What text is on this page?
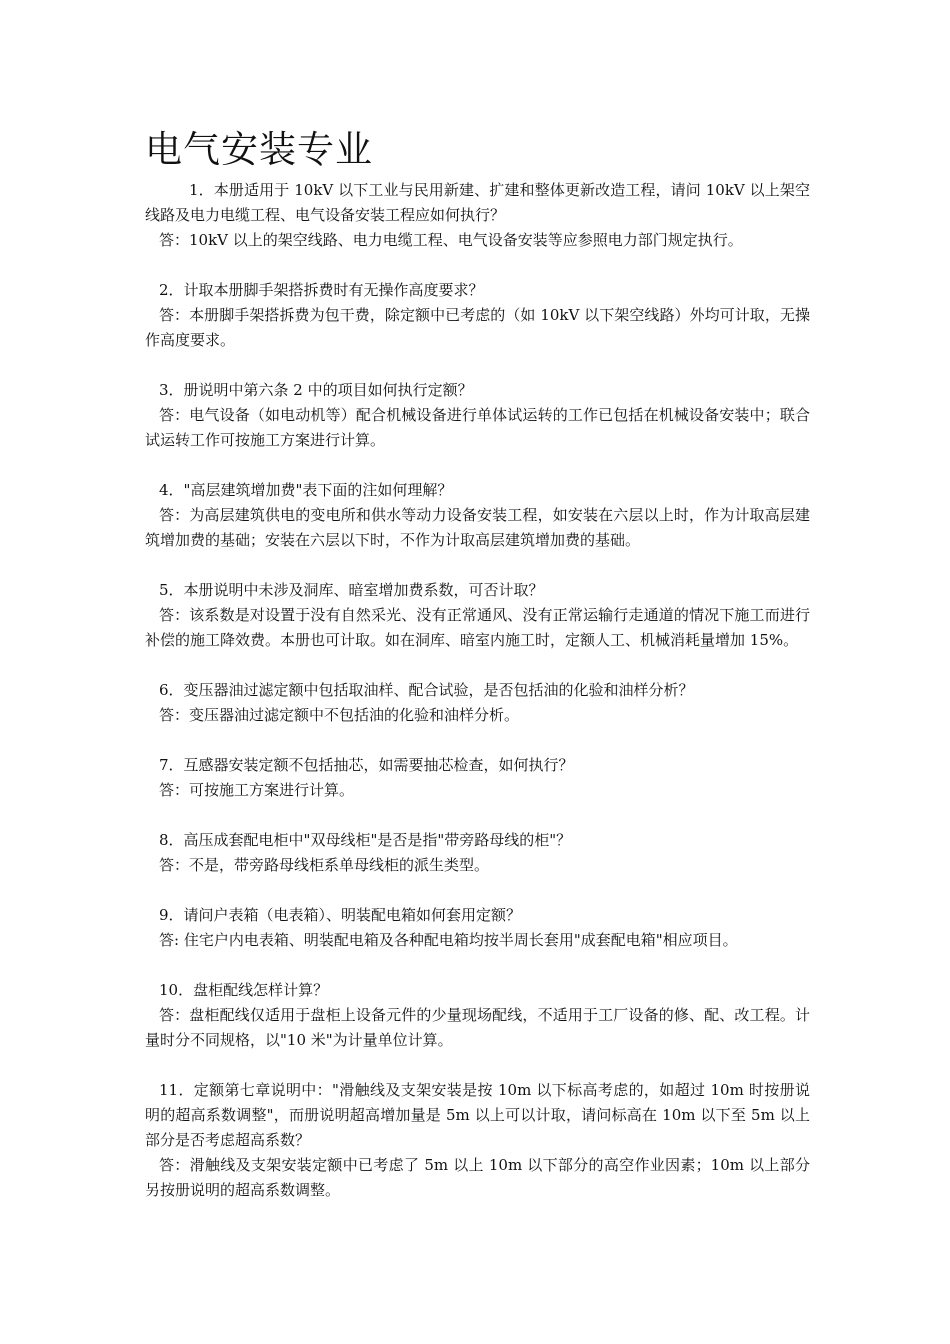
电气安装专业

1．本册适用于 10kV 以下工业与民用新建、扩建和整体更新改造工程，请问 10kV 以上架空线路及电力电缆工程、电气设备安装工程应如何执行？

答：10kV 以上的架空线路、电力电缆工程、电气设备安装等应参照电力部门规定执行。

2．计取本册脚手架搭拆费时有无操作高度要求？

答：本册脚手架搭拆费为包干费，除定额中已考虑的（如 10kV 以下架空线路）外均可计取，无操作高度要求。

3．册说明中第六条 2 中的项目如何执行定额？

答：电气设备（如电动机等）配合机械设备进行单体试运转的工作已包括在机械设备安装中；联合试运转工作可按施工方案进行计算。

4．"高层建筑增加费"表下面的注如何理解？

答：为高层建筑供电的变电所和供水等动力设备安装工程，如安装在六层以上时，作为计取高层建筑增加费的基础；安装在六层以下时，不作为计取高层建筑增加费的基础。

5．本册说明中未涉及洞库、暗室增加费系数，可否计取？

答：该系数是对设置于没有自然采光、没有正常通风、没有正常运输行走通道的情况下施工而进行补偿的施工降效费。本册也可计取。如在洞库、暗室内施工时，定额人工、机械消耗量增加 15%。

6．变压器油过滤定额中包括取油样、配合试验，是否包括油的化验和油样分析？

答：变压器油过滤定额中不包括油的化验和油样分析。

7．互感器安装定额不包括抽芯，如需要抽芯检查，如何执行？

答：可按施工方案进行计算。

8．高压成套配电柜中"双母线柜"是否是指"带旁路母线的柜"？

答：不是，带旁路母线柜系单母线柜的派生类型。

9．请问户表箱（电表箱）、明装配电箱如何套用定额？

答: 住宅户内电表箱、明装配电箱及各种配电箱均按半周长套用"成套配电箱"相应项目。

10．盘柜配线怎样计算？

答：盘柜配线仅适用于盘柜上设备元件的少量现场配线，不适用于工厂设备的修、配、改工程。计量时分不同规格，以"10 米"为计量单位计算。

11．定额第七章说明中："滑触线及支架安装是按 10m 以下标高考虑的，如超过 10m 时按册说明的超高系数调整"，而册说明超高增加量是 5m 以上可以计取，请问标高在 10m 以下至 5m 以上部分是否考虑超高系数？

答：滑触线及支架安装定额中已考虑了 5m 以上 10m 以下部分的高空作业因素；10m 以上部分另按册说明的超高系数调整。
